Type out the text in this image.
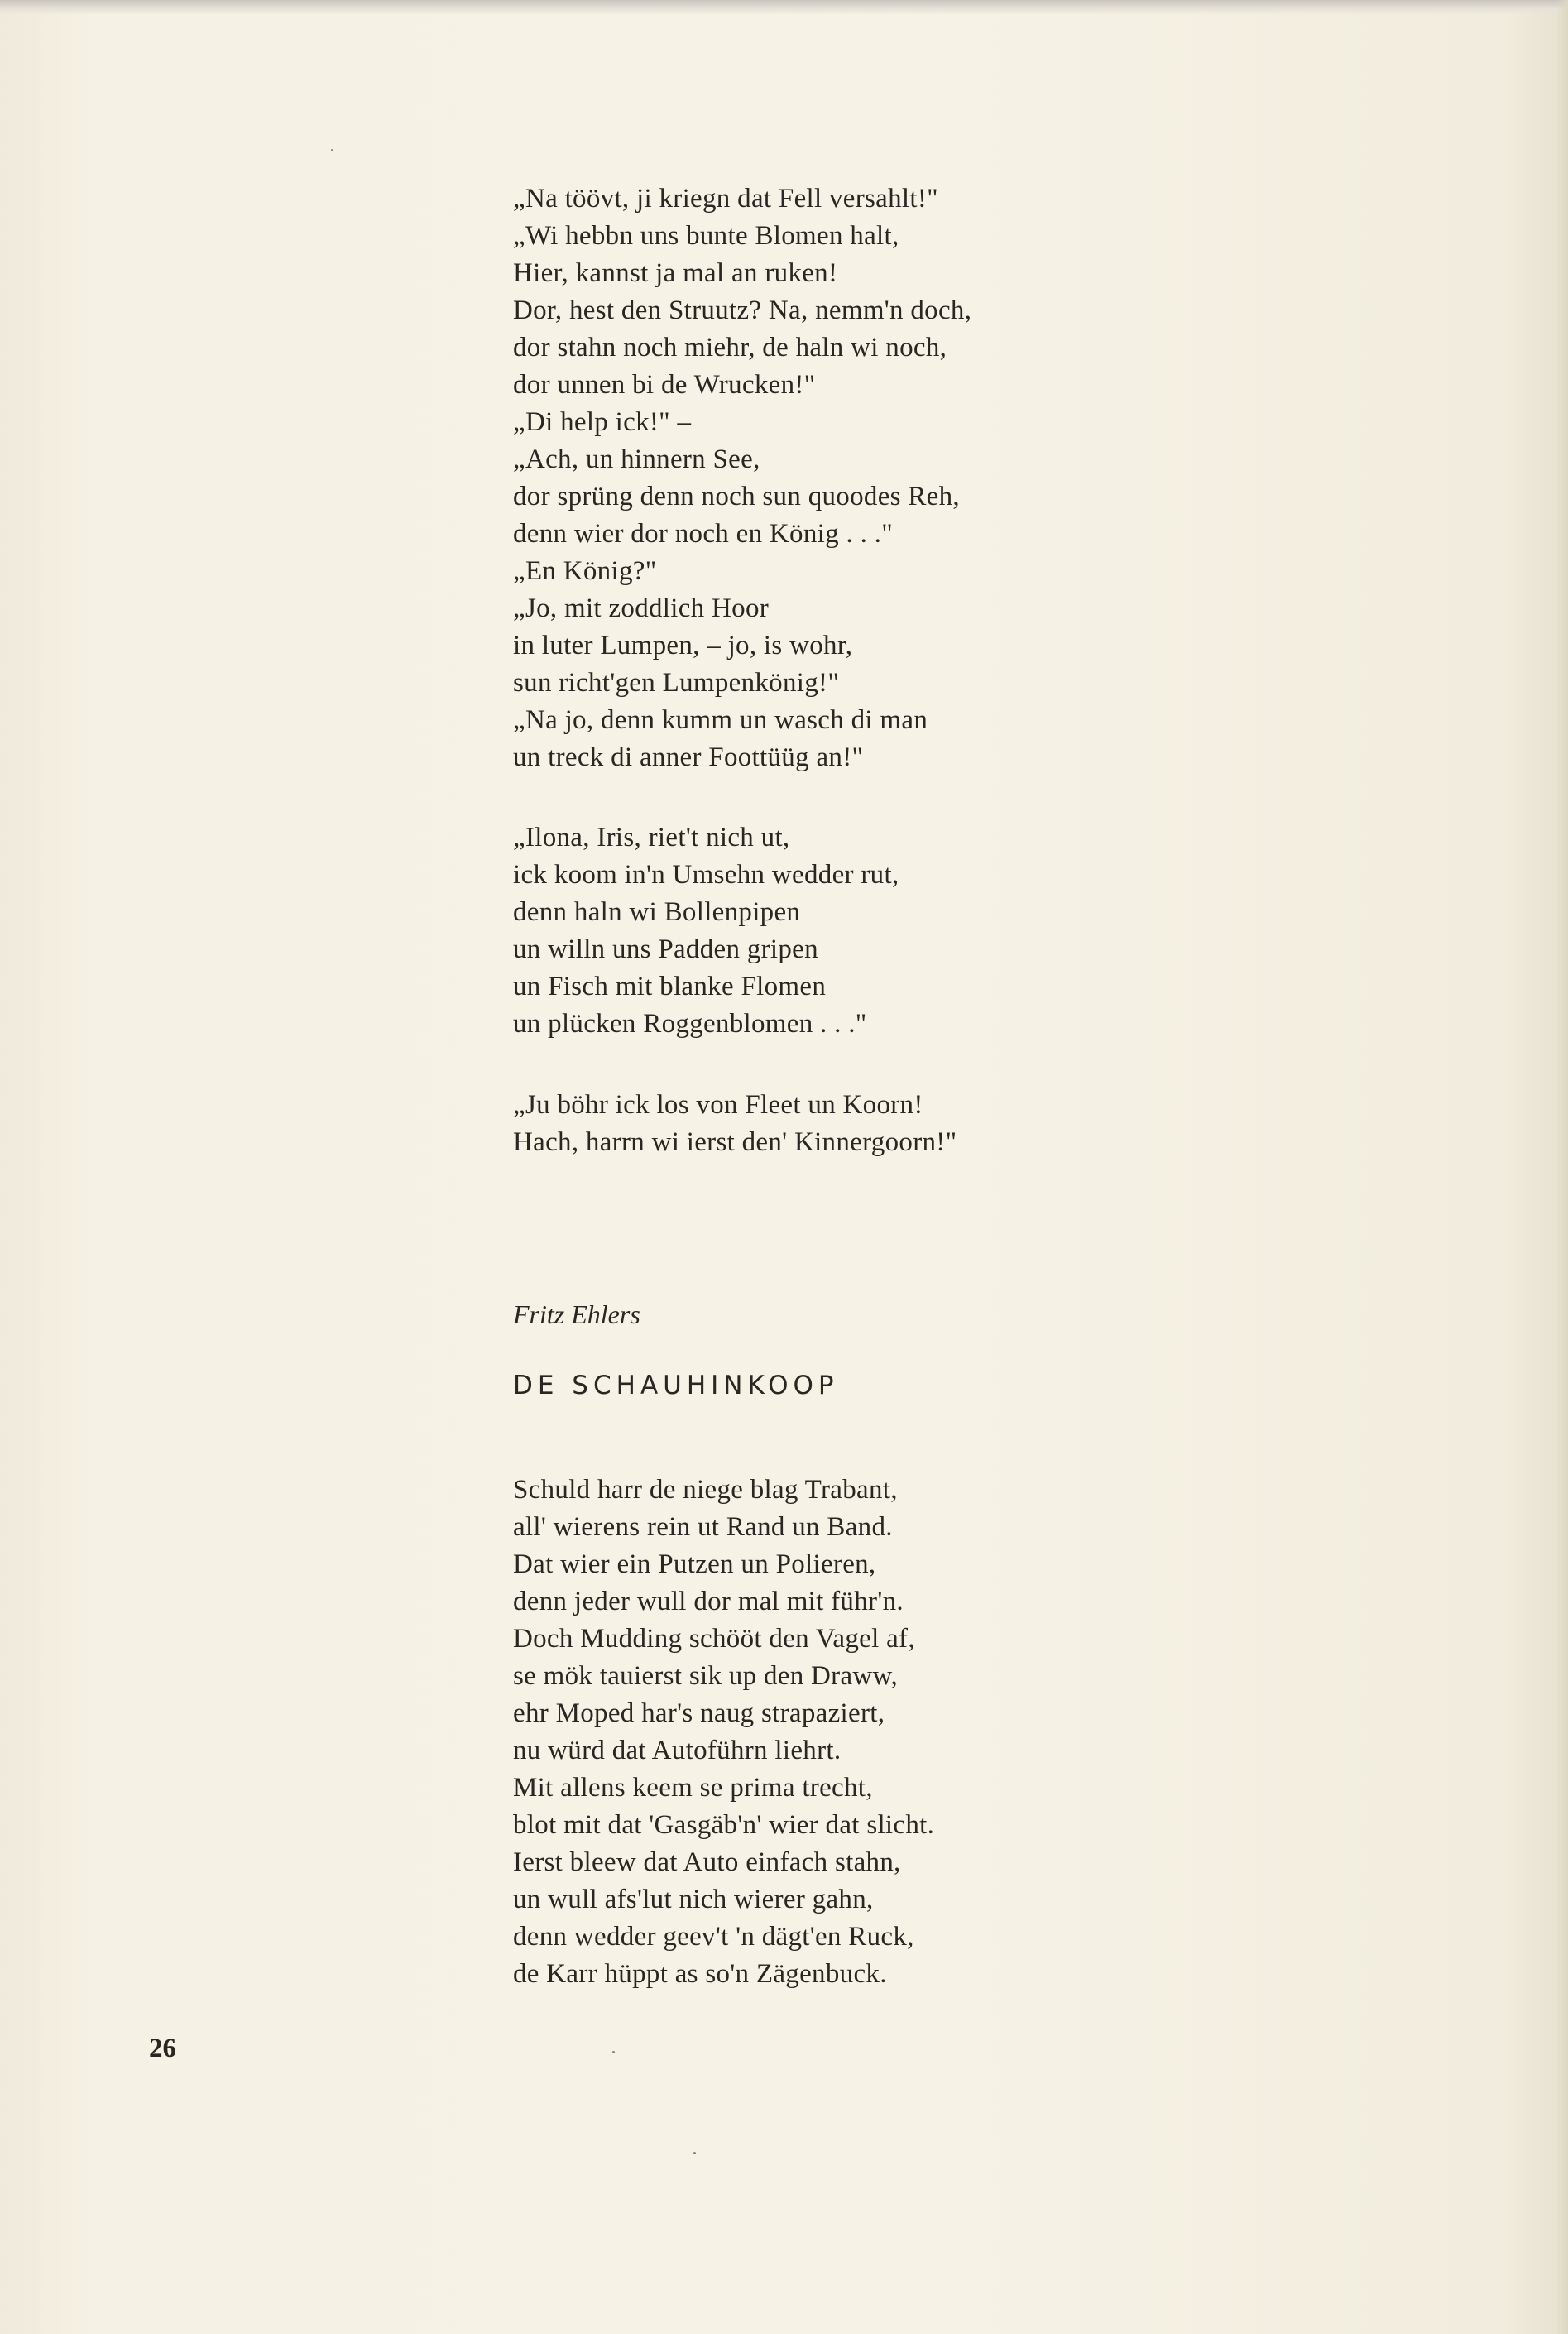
„Na töövt, ji kriegn dat Fell versahlt!"
„Wi hebbn uns bunte Blomen halt,
Hier, kannst ja mal an ruken!
Dor, hest den Struutz? Na, nemm'n doch,
dor stahn noch miehr, de haln wi noch,
dor unnen bi de Wrucken!"
„Di help ick!" –
„Ach, un hinnern See,
dor sprüng denn noch sun quoodes Reh,
denn wier dor noch en König . . ."
„En König?"
„Jo, mit zoddlich Hoor
in luter Lumpen, – jo, is wohr,
sun richt'gen Lumpenkönig!"
„Na jo, denn kumm un wasch di man
un treck di anner Foottüüg an!"
„Ilona, Iris, riet't nich ut,
ick koom in'n Umsehn wedder rut,
denn haln wi Bollenpipen
un willn uns Padden gripen
un Fisch mit blanke Flomen
un plücken Roggenblomen . . ."
„Ju böhr ick los von Fleet un Koorn!
Hach, harrn wi ierst den' Kinnergoorn!"
Fritz Ehlers
DE SCHAUHINKOOP
Schuld harr de niege blag Trabant,
all' wierens rein ut Rand un Band.
Dat wier ein Putzen un Polieren,
denn jeder wull dor mal mit führ'n.
Doch Mudding schööt den Vagel af,
se mök tauierst sik up den Draww,
ehr Moped har's naug strapaziert,
nu würd dat Autoführn liehrt.
Mit allens keem se prima trecht,
blot mit dat 'Gasgäb'n' wier dat slicht.
Ierst bleew dat Auto einfach stahn,
un wull afs'lut nich wierer gahn,
denn wedder geev't 'n dägt'en Ruck,
de Karr hüppt as so'n Zägenbuck.
26
